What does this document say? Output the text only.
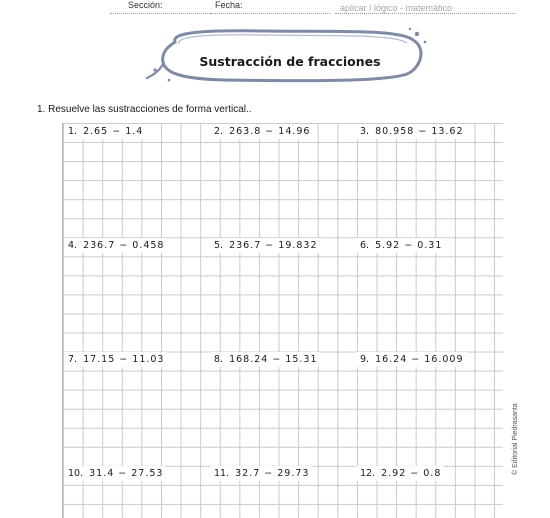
Sección:	Fecha:	aplicar / lógico - matemático
Sustracción de fracciones
1. Resuelve las sustracciones de forma vertical..
1. 2.65 − 1.4	2. 263.8 − 14.96	3. 80.958 − 13.62
4. 236.7 − 0.458	5. 236.7 − 19.832	6. 5.92 − 0.31
7. 17.15 − 11.03	8. 168.24 − 15.31	9. 16.24 − 16.009
10. 31.4 − 27.53	11. 32.7 − 29.73	12. 2.92 − 0.8	© Editorial Piedrasanta
